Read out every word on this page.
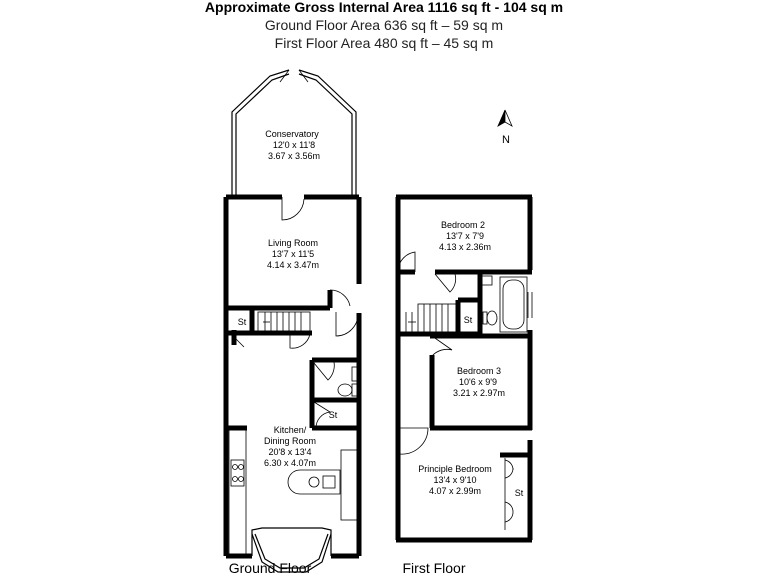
Approximate Gross Internal Area 1116 sq ft - 104 sq m
Ground Floor Area 636 sq ft – 59 sq m
First Floor Area 480 sq ft – 45 sq m
Conservatory
12'0 x 11'8
3.67 x 3.56m
Living Room
13'7 x 11'5
4.14 x 3.47m
Kitchen/
Dining Room
20'8 x 13'4
6.30 x 4.07m
St
St
Ground Floor
St
Bedroom 2
13'7 x 7'9
4.13 x 2.36m
Bedroom 3
10'6 x 9'9
3.21 x 2.97m
Principle Bedroom
13'4 x 9'10
4.07 x 2.99m	St
First Floor
N
